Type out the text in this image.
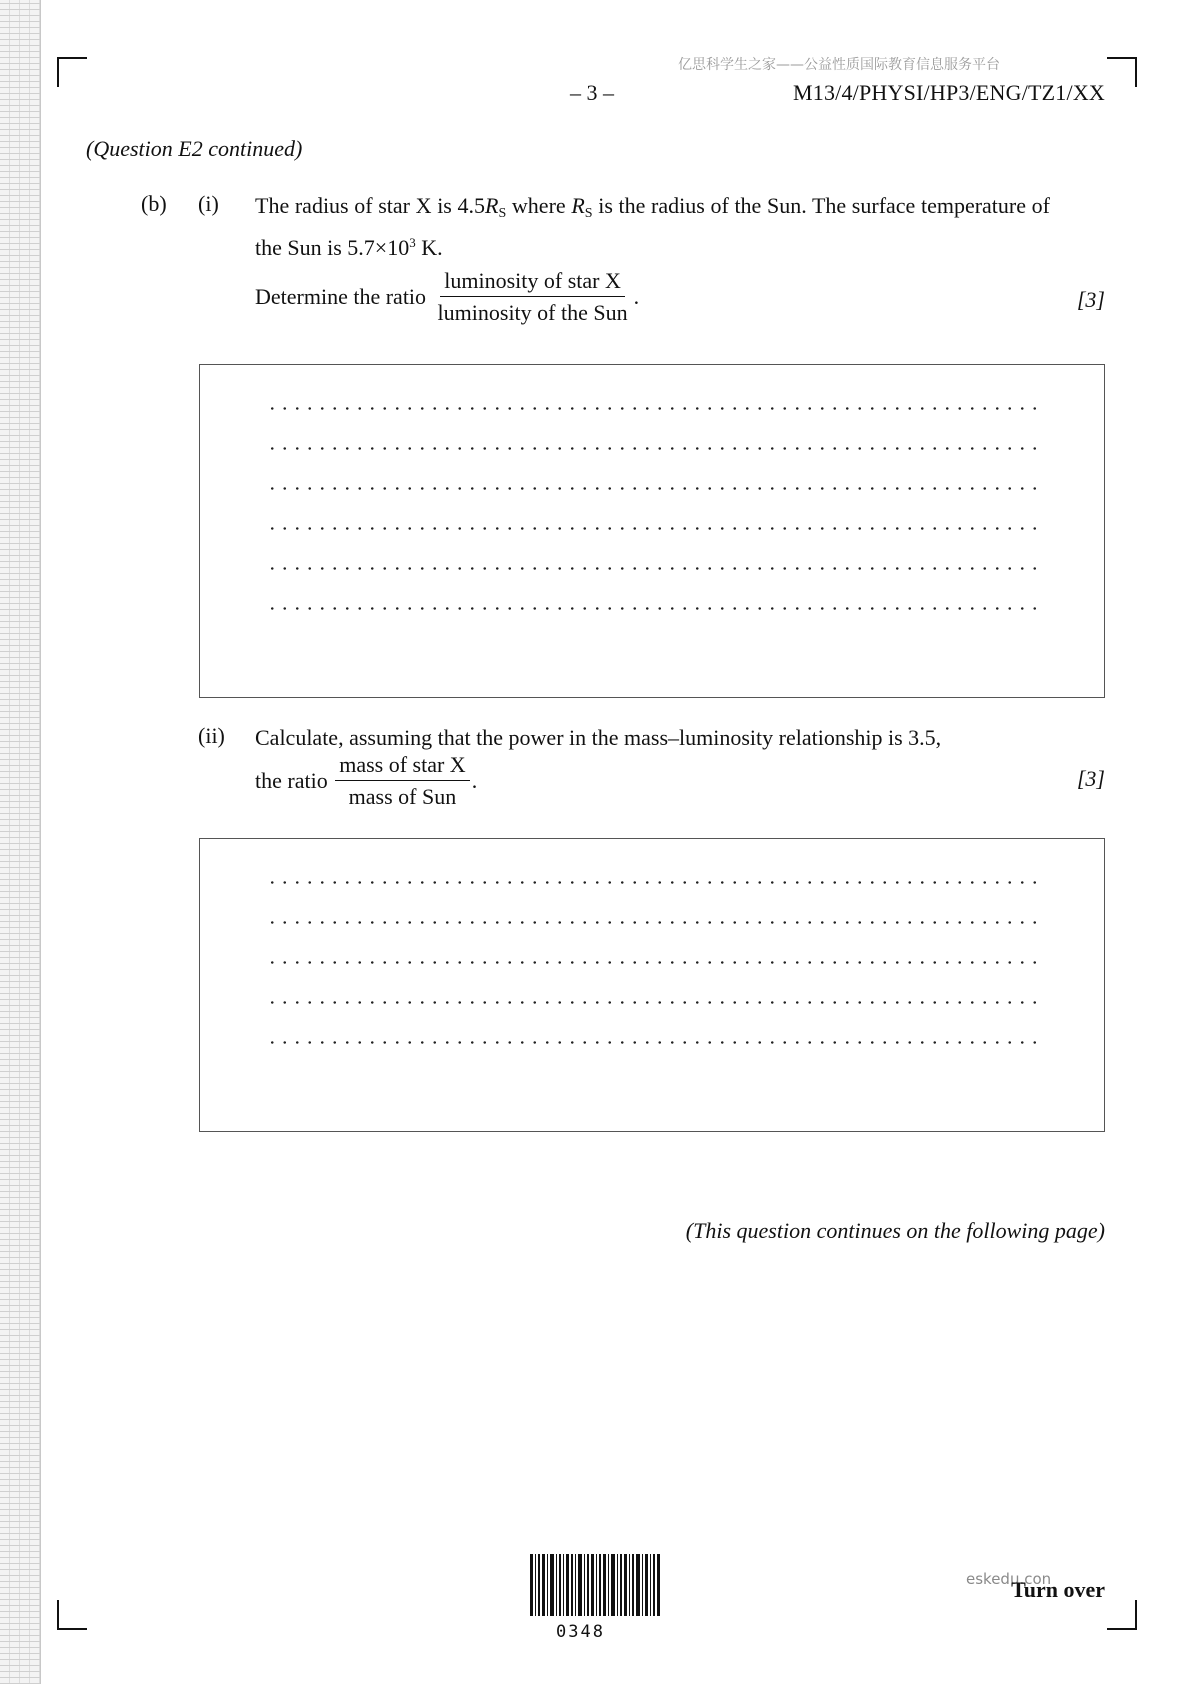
亿思科学生之家——公益性质国际教育信息服务平台
– 3 –	M13/4/PHYSI/HP3/ENG/TZ1/XX
(Question E2 continued)
(b) (i) The radius of star X is $4.5R_S$ where $R_S$ is the radius of the Sun. The surface temperature of the Sun is $5.7\times 10^3$ K.
Determine the ratio
$\frac{\text{luminosity of star X}}{\text{luminosity of the Sun}}$ .	[3]
(ii) Calculate, assuming that the power in the mass–luminosity relationship is 3.5,
the ratio
$\frac{\text{mass of star X}}{\text{mass of Sun}}$ .	[3]
(This question continues on the following page)
0348
eskedu.con
Turn over
